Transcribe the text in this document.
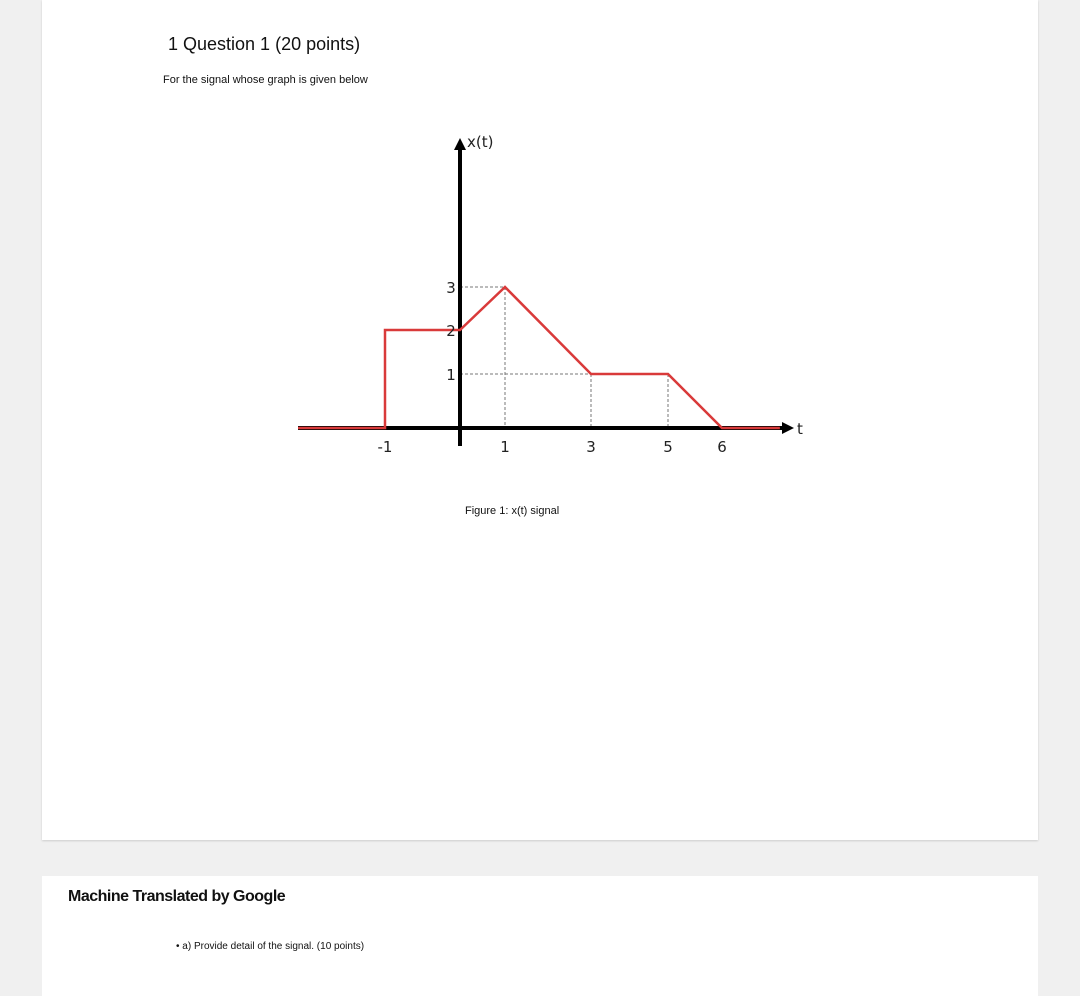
1 Question 1 (20 points)
For the signal whose graph is given below
Figure 1: x(t) signal
t
x(t)
-1	1	3	5	6
1
2
3
Machine Translated by Google
• a) Provide detail of the signal. (10 points)
